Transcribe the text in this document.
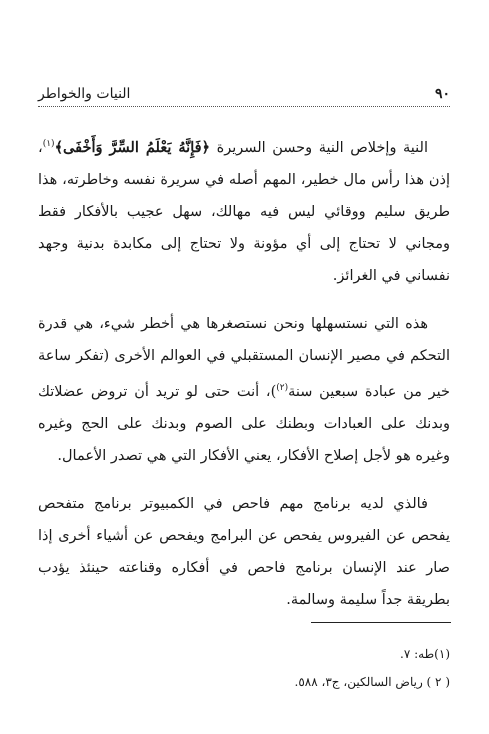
٩٠
النيات والخواطر

النية وإخلاص النية وحسن السريرة ﴿فَإِنَّهُ يَعْلَمُ السِّرَّ وَأَخْفَى﴾$^{(١)}$، إذن هذا رأس مال خطير، المهم أصله في سريرة نفسه وخاطرته، هذا طريق سليم ووقائي ليس فيه مهالك، سهل عجيب بالأفكار فقط ومجاني لا تحتاج إلى أي مؤونة ولا تحتاج إلى مكابدة بدنية وجهد نفساني في الغرائز.

هذه التي نستسهلها ونحن نستصغرها هي أخطر شيء، هي قدرة التحكم في مصير الإنسان المستقبلي في العوالم الأخرى (تفكر ساعة خير من عبادة سبعين سنة$^{(٢)}$)، أنت حتى لو تريد أن تروض عضلاتك وبدنك على العبادات وبطنك على الصوم وبدنك على الحج وغيره وغيره هو لأجل إصلاح الأفكار، يعني الأفكار التي هي تصدر الأعمال.

فالذي لديه برنامج مهم فاحص في الكمبيوتر برنامج متفحص يفحص عن الفيروس يفحص عن البرامج ويفحص عن أشياء أخرى إذا صار عند الإنسان برنامج فاحص في أفكاره وقناعته حينئذ يؤدب بطريقة جداً سليمة وسالمة.

(١)طه: ٧.
( ٢ ) رياض السالكين، ج٣، ٥٨٨.
